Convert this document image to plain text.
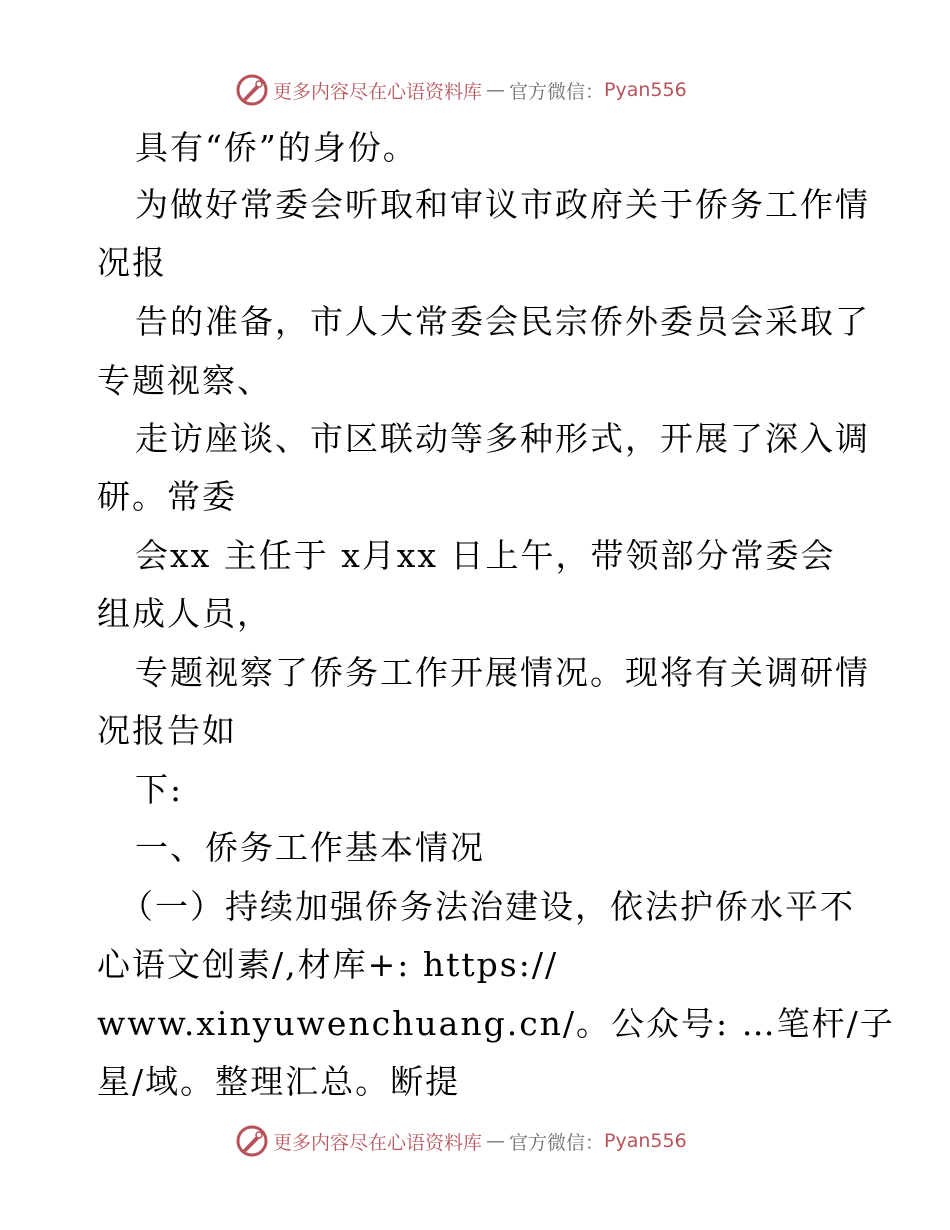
更多内容尽在心语资料库 — 官方微信： Pyan556
具有“侨”的身份。
为做好常委会听取和审议市政府关于侨务工作情
况报
告的准备，市人大常委会民宗侨外委员会采取了
专题视察、
走访座谈、市区联动等多种形式，开展了深入调
研。常委
会xx 主任于 x月xx 日上午，带领部分常委会
组成人员，
专题视察了侨务工作开展情况。现将有关调研情
况报告如
下:
一、侨务工作基本情况
（一）持续加强侨务法治建设，依法护侨水平不
心语文创素/,材库+: https://
www.xinyuwenchuang.cn/。公众号: …笔杆/子
星/域。整理汇总。断提
更多内容尽在心语资料库 — 官方微信： Pyan556
